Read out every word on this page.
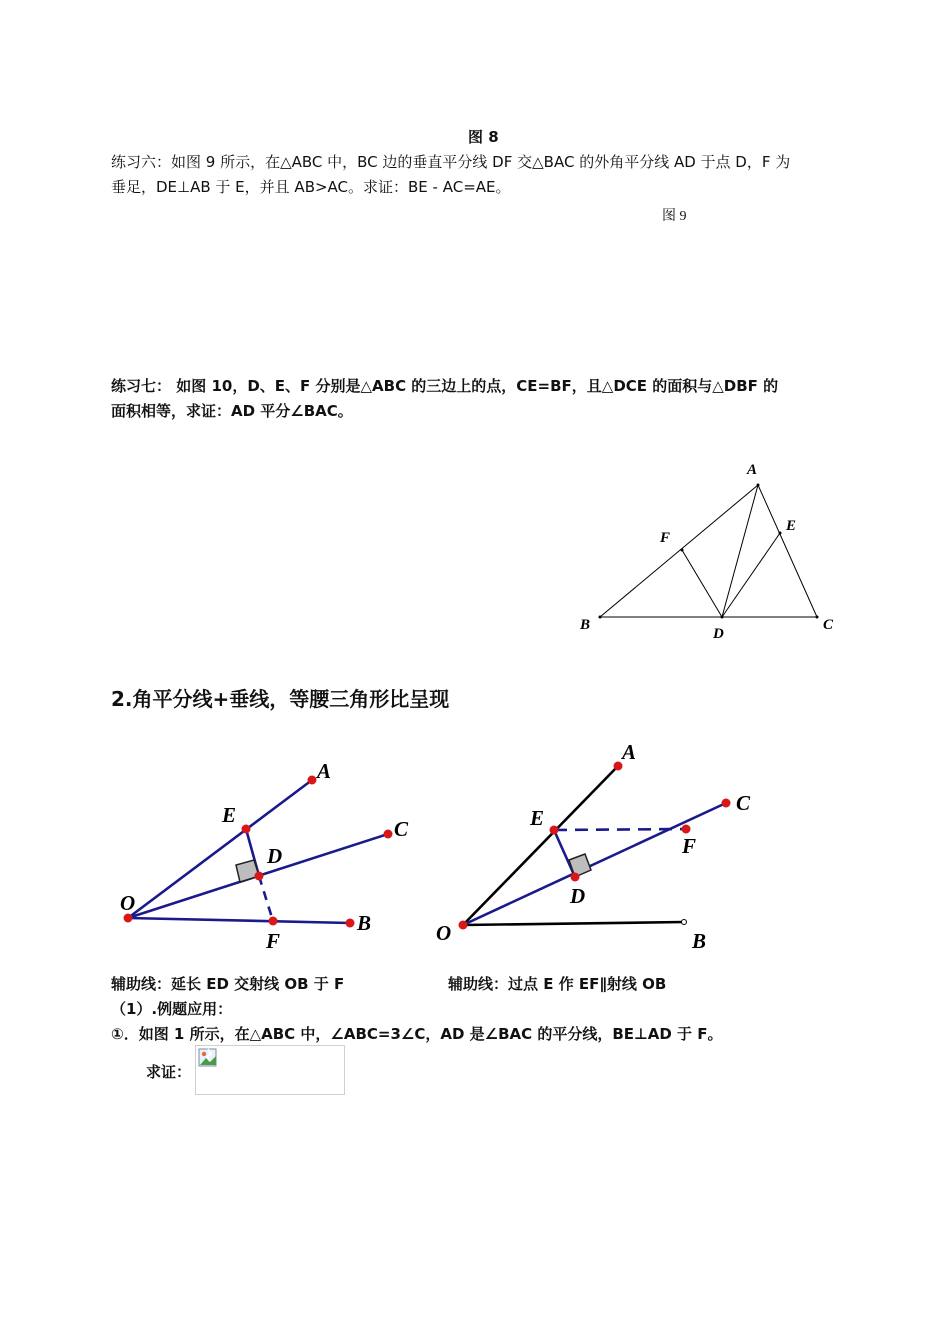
图 8
练习六：如图 9 所示，在△ABC 中，BC 边的垂直平分线 DF 交△BAC 的外角平分线 AD 于点 D，F 为
垂足，DE⊥AB 于 E，并且 AB>AC。求证：BE - AC=AE。
图 9
练习七： 如图 10，D、E、F 分别是△ABC 的三边上的点，CE=BF，且△DCE 的面积与△DBF 的
面积相等，求证：AD 平分∠BAC。
A
B	C
D
E
F
2.角平分线+垂线，等腰三角形比呈现
O
A
C
B
E
D
F	O
A
C
B
E
D
F
辅助线：延长 ED 交射线 OB 于 F	辅助线：过点 E 作 EF∥射线 OB
（1）.例题应用：
①．如图 1 所示，在△ABC 中，∠ABC=3∠C，AD 是∠BAC 的平分线，BE⊥AD 于 F。
求证：
